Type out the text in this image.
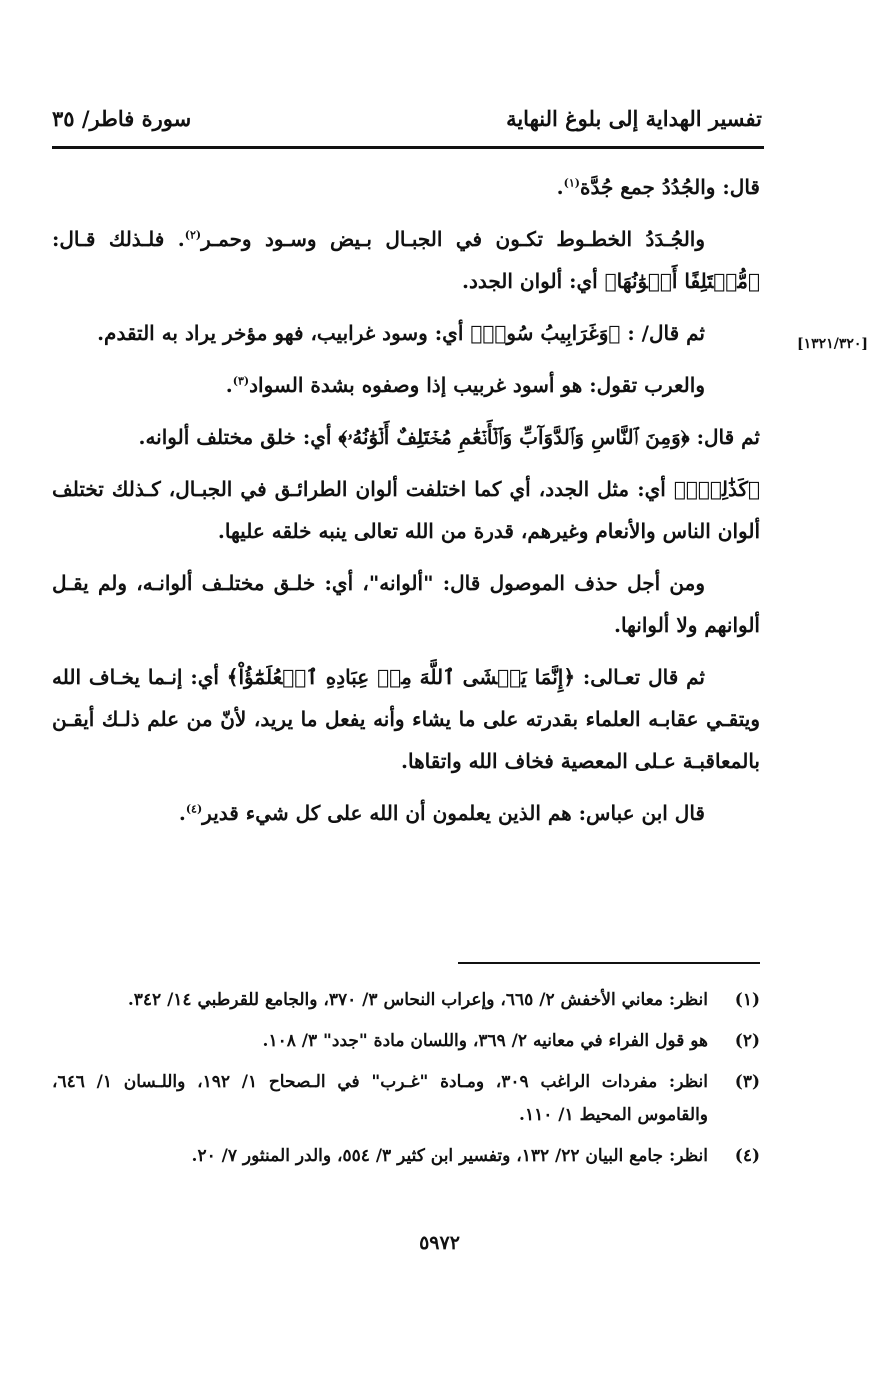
تفسير الهداية إلى بلوغ النهاية
سورة فاطر/ ٣٥
[١٣٢١/٣٢٠]

قال: والجُدُدُ جمع جُدَّة$^{(١)}$.

والجُـدَدُ الخطـوط تكـون في الجبـال بـيض وسـود وحمـر$^{(٢)}$. فلـذلك قـال: ﴿مُّخۡتَلِفًا أَلۡوَٰنُهَا﴾ أي: ألوان الجدد.

ثم قال/ : ﴿وَغَرَابِيبُ سُودٞ﴾ أي: وسود غرابيب، فهو مؤخر يراد به التقدم.

والعرب تقول: هو أسود غربيب إذا وصفوه بشدة السواد$^{(٣)}$.

ثم قال: ﴿وَمِنَ ٱلنَّاسِ وَٱلدَّوَآبِّ وَٱلۡأَنۡعَٰمِ مُخۡتَلِفٌ أَلۡوَٰنُهُۥ﴾ أي: خلق مختلف ألوانه.

﴿كَذَٰلِكَۗ﴾ أي: مثل الجدد، أي كما اختلفت ألوان الطرائـق في الجبـال، كـذلك تختلف ألوان الناس والأنعام وغيرهم، قدرة من الله تعالى ينبه خلقه عليها.

ومن أجل حذف الموصول قال: "ألوانه"، أي: خلـق مختلـف ألوانـه، ولم يقـل ألوانهم ولا ألوانها.

ثم قال تعـالى: ﴿إِنَّمَا يَخۡشَى ٱللَّهَ مِنۡ عِبَادِهِ ٱلۡعُلَمَٰٓؤُاْ﴾ أي: إنـما يخـاف الله ويتقـي عقابـه العلماء بقدرته على ما يشاء وأنه يفعل ما يريد، لأنّ من علم ذلـك أيقـن بالمعاقبـة عـلى المعصية فخاف الله واتقاها.

قال ابن عباس: هم الذين يعلمون أن الله على كل شيء قدير$^{(٤)}$.

(١)
انظر: معاني الأخفش ٢/ ٦٦٥، وإعراب النحاس ٣/ ٣٧٠، والجامع للقرطبي ١٤/ ٣٤٢.
(٢)
هو قول الفراء في معانيه ٢/ ٣٦٩، واللسان مادة "جدد" ٣/ ١٠٨.
(٣)
انظر: مفردات الراغب ٣٠٩، ومـادة "غـرب" في الـصحاح ١/ ١٩٢، واللـسان ١/ ٦٤٦، والقاموس المحيط ١/ ١١٠.
(٤)
انظر: جامع البيان ٢٢/ ١٣٢، وتفسير ابن كثير ٣/ ٥٥٤، والدر المنثور ٧/ ٢٠.
٥٩٧٢
